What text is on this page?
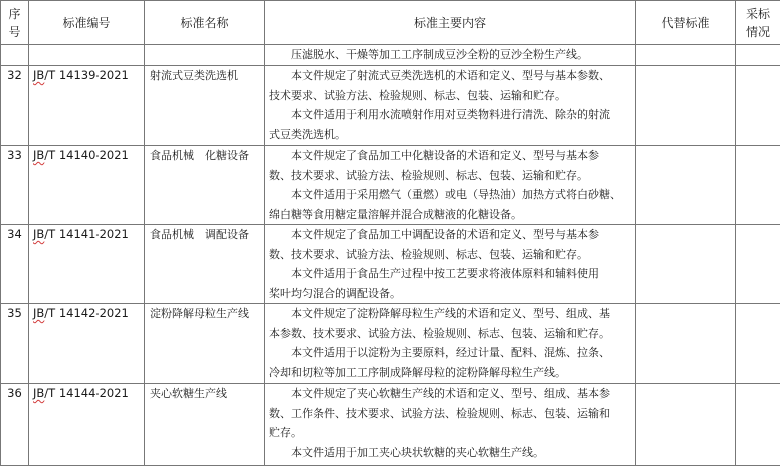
序号	标准编号	标准名称	标准主要内容	代替标准	采标情况

			压滤脱水、干燥等加工工序制成豆沙全粉的豆沙全粉生产线。		

32	JB/T 14139-2021	射流式豆类洗选机	本文件规定了射流式豆类洗选机的术语和定义、型号与基本参数、

技术要求、试验方法、检验规则、标志、包装、运输和贮存。

本文件适用于利用水流喷射作用对豆类物料进行清洗、除杂的射流

式豆类洗选机。		

33	JB/T 14140-2021	食品机械　化糖设备	本文件规定了食品加工中化糖设备的术语和定义、型号与基本参

数、技术要求、试验方法、检验规则、标志、包装、运输和贮存。

本文件适用于采用燃气（重燃）或电（导热油）加热方式将白砂糖、

绵白糖等食用糖定量溶解并混合成糖液的化糖设备。		

34	JB/T 14141-2021	食品机械　调配设备	本文件规定了食品加工中调配设备的术语和定义、型号与基本参

数、技术要求、试验方法、检验规则、标志、包装、运输和贮存。

本文件适用于食品生产过程中按工艺要求将液体原料和辅料使用

桨叶均匀混合的调配设备。		

35	JB/T 14142-2021	淀粉降解母粒生产线	本文件规定了淀粉降解母粒生产线的术语和定义、型号、组成、基

本参数、技术要求、试验方法、检验规则、标志、包装、运输和贮存。

本文件适用于以淀粉为主要原料，经过计量、配料、混炼、拉条、

冷却和切粒等加工工序制成降解母粒的淀粉降解母粒生产线。		

36	JB/T 14144-2021	夹心软糖生产线	本文件规定了夹心软糖生产线的术语和定义、型号、组成、基本参

数、工作条件、技术要求、试验方法、检验规则、标志、包装、运输和

贮存。

本文件适用于加工夹心块状软糖的夹心软糖生产线。		
